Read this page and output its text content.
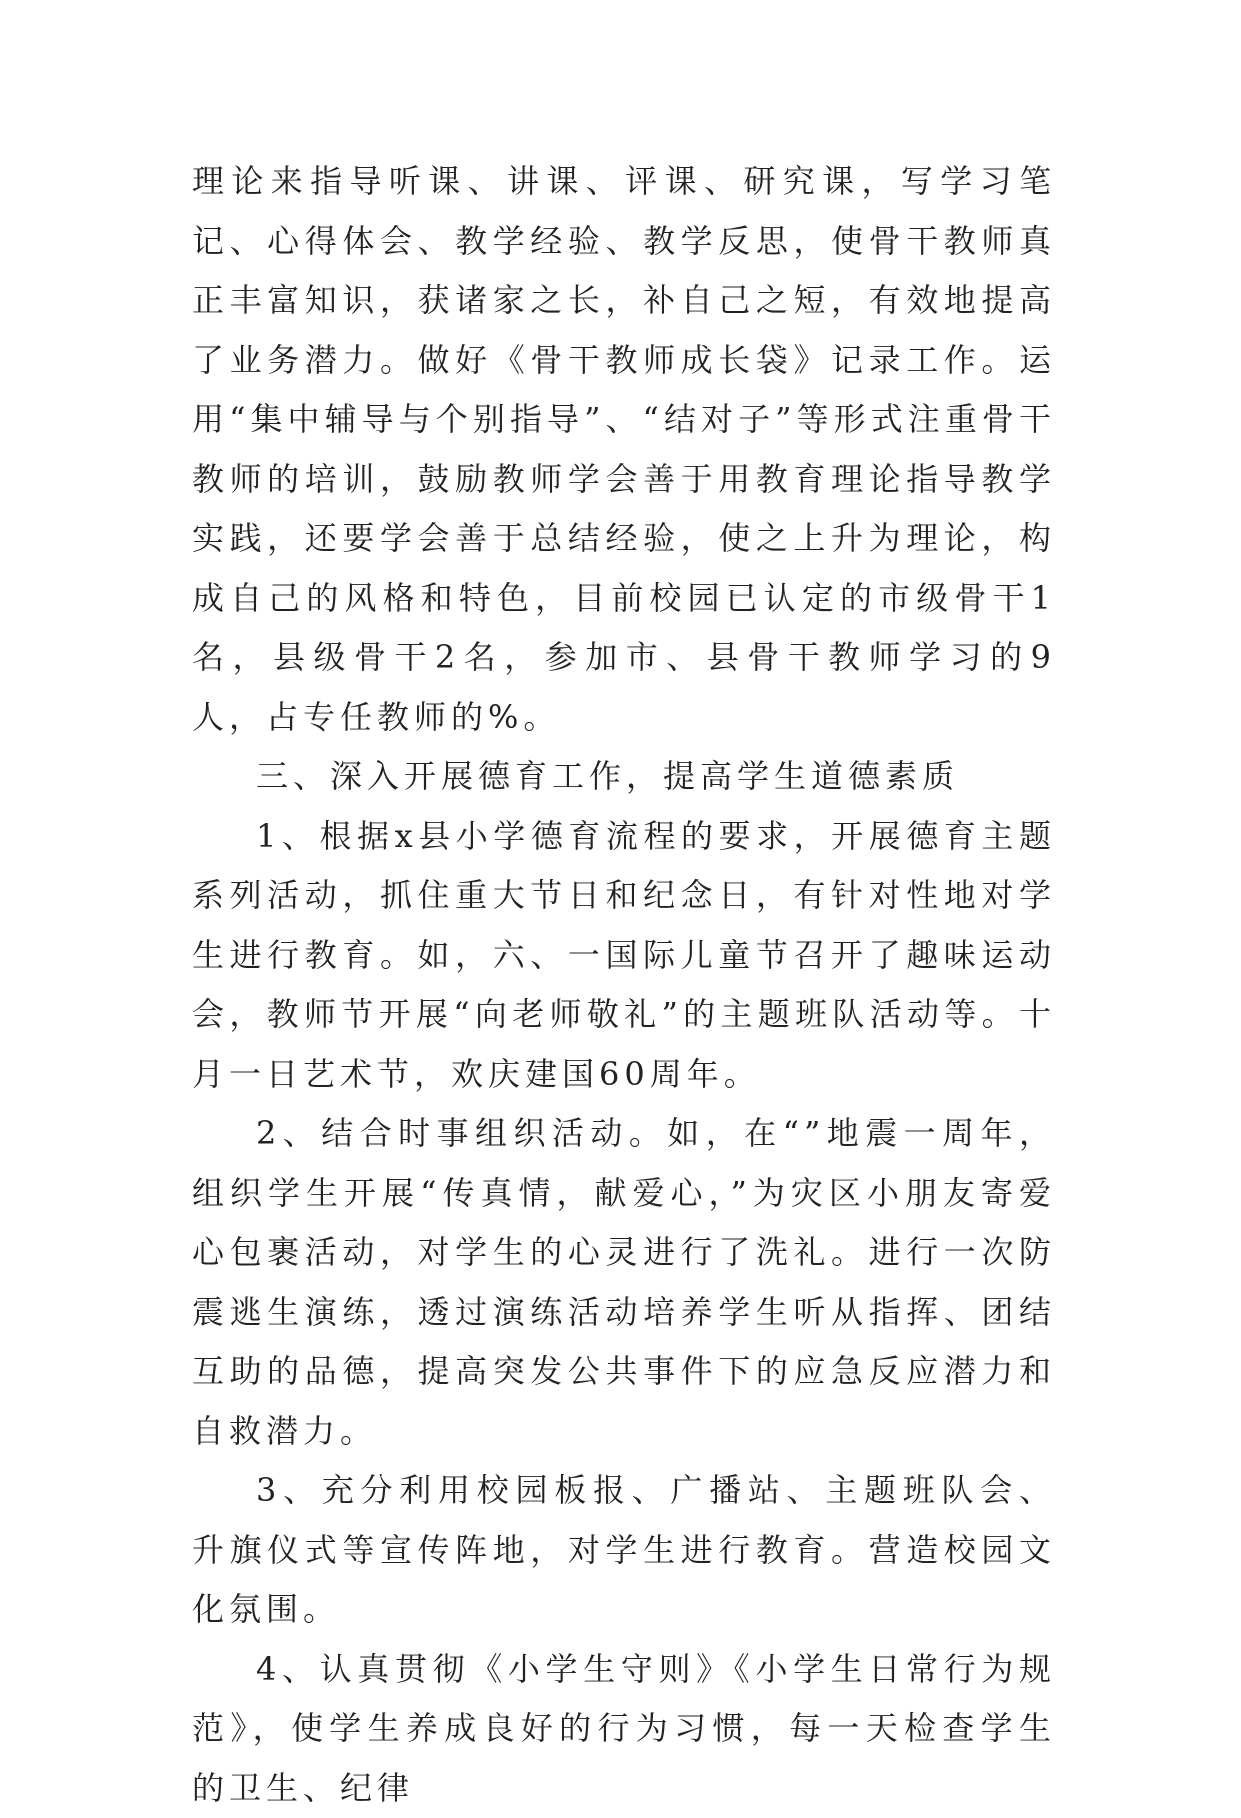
理论来指导听课、讲课、评课、研究课，写学习笔记、心得体会、教学经验、教学反思，使骨干教师真正丰富知识，获诸家之长，补自己之短，有效地提高了业务潜力。做好《骨干教师成长袋》记录工作。运用“集中辅导与个别指导”、“结对子”等形式注重骨干教师的培训，鼓励教师学会善于用教育理论指导教学实践，还要学会善于总结经验，使之上升为理论，构成自己的风格和特色，目前校园已认定的市级骨干1名，县级骨干2名，参加市、县骨干教师学习的9人，占专任教师的%。

三、深入开展德育工作，提高学生道德素质

1、根据x县小学德育流程的要求，开展德育主题系列活动，抓住重大节日和纪念日，有针对性地对学生进行教育。如，六、一国际儿童节召开了趣味运动会，教师节开展“向老师敬礼”的主题班队活动等。十月一日艺术节，欢庆建国60周年。

2、结合时事组织活动。如，在“”地震一周年，组织学生开展“传真情，献爱心，”为灾区小朋友寄爱心包裹活动，对学生的心灵进行了洗礼。进行一次防震逃生演练，透过演练活动培养学生听从指挥、团结互助的品德，提高突发公共事件下的应急反应潜力和自救潜力。

3、充分利用校园板报、广播站、主题班队会、升旗仪式等宣传阵地，对学生进行教育。营造校园文化氛围。

4、认真贯彻《小学生守则》《小学生日常行为规范》，使学生养成良好的行为习惯，每一天检查学生的卫生、纪律
